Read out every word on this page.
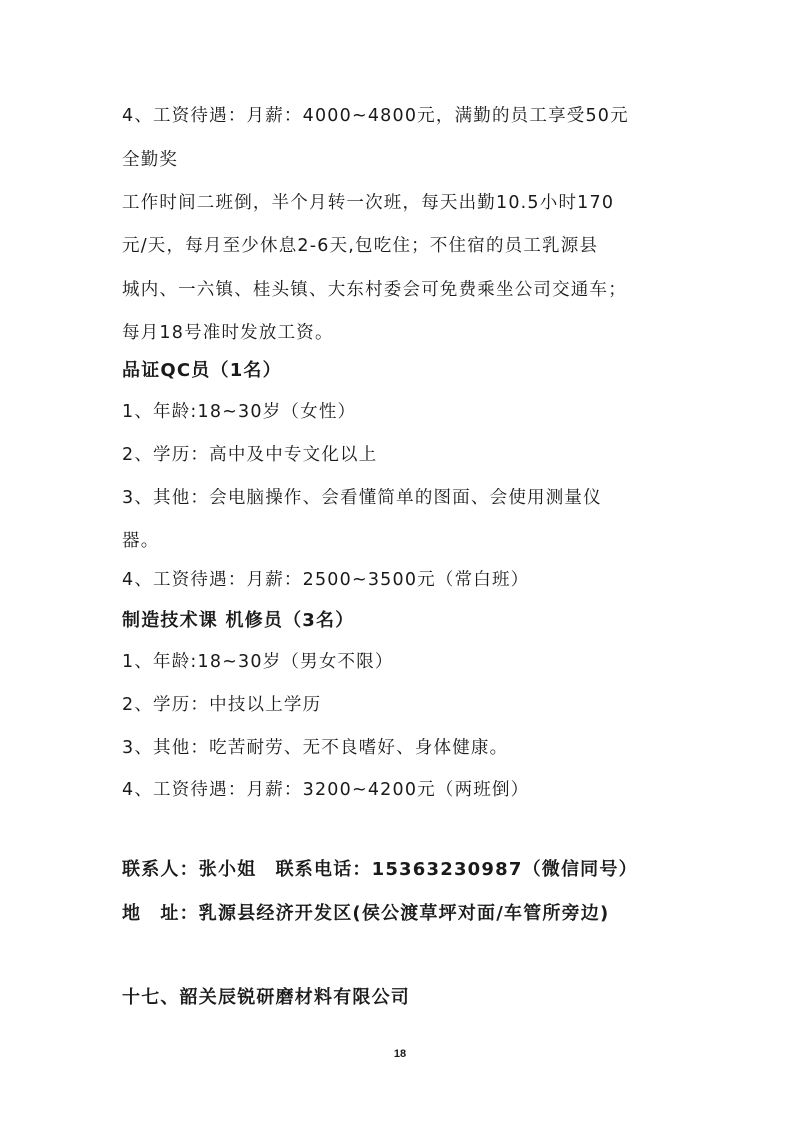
4、工资待遇：月薪：4000~4800元，满勤的员工享受50元
全勤奖
工作时间二班倒，半个月转一次班，每天出勤10.5小时170
元/天，每月至少休息2-6天,包吃住；不住宿的员工乳源县
城内、一六镇、桂头镇、大东村委会可免费乘坐公司交通车；
每月18号准时发放工资。
品证QC员（1名）
1、年龄:18~30岁（女性）
2、学历：高中及中专文化以上
3、其他：会电脑操作、会看懂简单的图面、会使用测量仪
器。
4、工资待遇：月薪：2500~3500元（常白班）
制造技术课 机修员（3名）
1、年龄:18~30岁（男女不限）
2、学历：中技以上学历
3、其他：吃苦耐劳、无不良嗜好、身体健康。
4、工资待遇：月薪：3200~4200元（两班倒）
联系人：张小姐　联系电话：15363230987（微信同号）
地　址：乳源县经济开发区(侯公渡草坪对面/车管所旁边)
十七、韶关辰锐研磨材料有限公司
18
